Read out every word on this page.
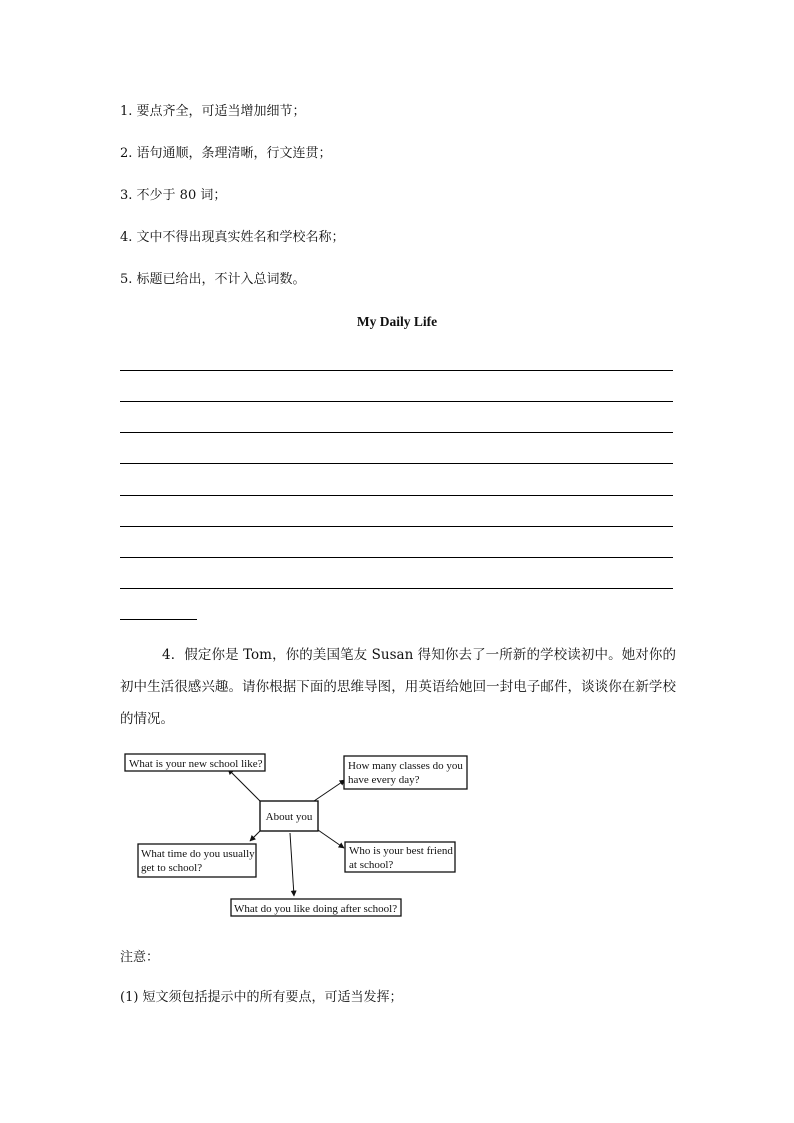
1. 要点齐全，可适当增加细节；
2. 语句通顺，条理清晰，行文连贯；
3. 不少于 80 词；
4. 文中不得出现真实姓名和学校名称；
5. 标题已给出，不计入总词数。
My Daily Life
4．假定你是 Tom，你的美国笔友 Susan 得知你去了一所新的学校读初中。她对你的初中生活很感兴趣。请你根据下面的思维导图，用英语给她回一封电子邮件，谈谈你在新学校的情况。
About you
What is your new school like?	How many classes do you
have every day?
What time do you usually
get to school?
Who is your best friend
at school?
What do you like doing after school?
注意：
(1) 短文须包括提示中的所有要点，可适当发挥；
